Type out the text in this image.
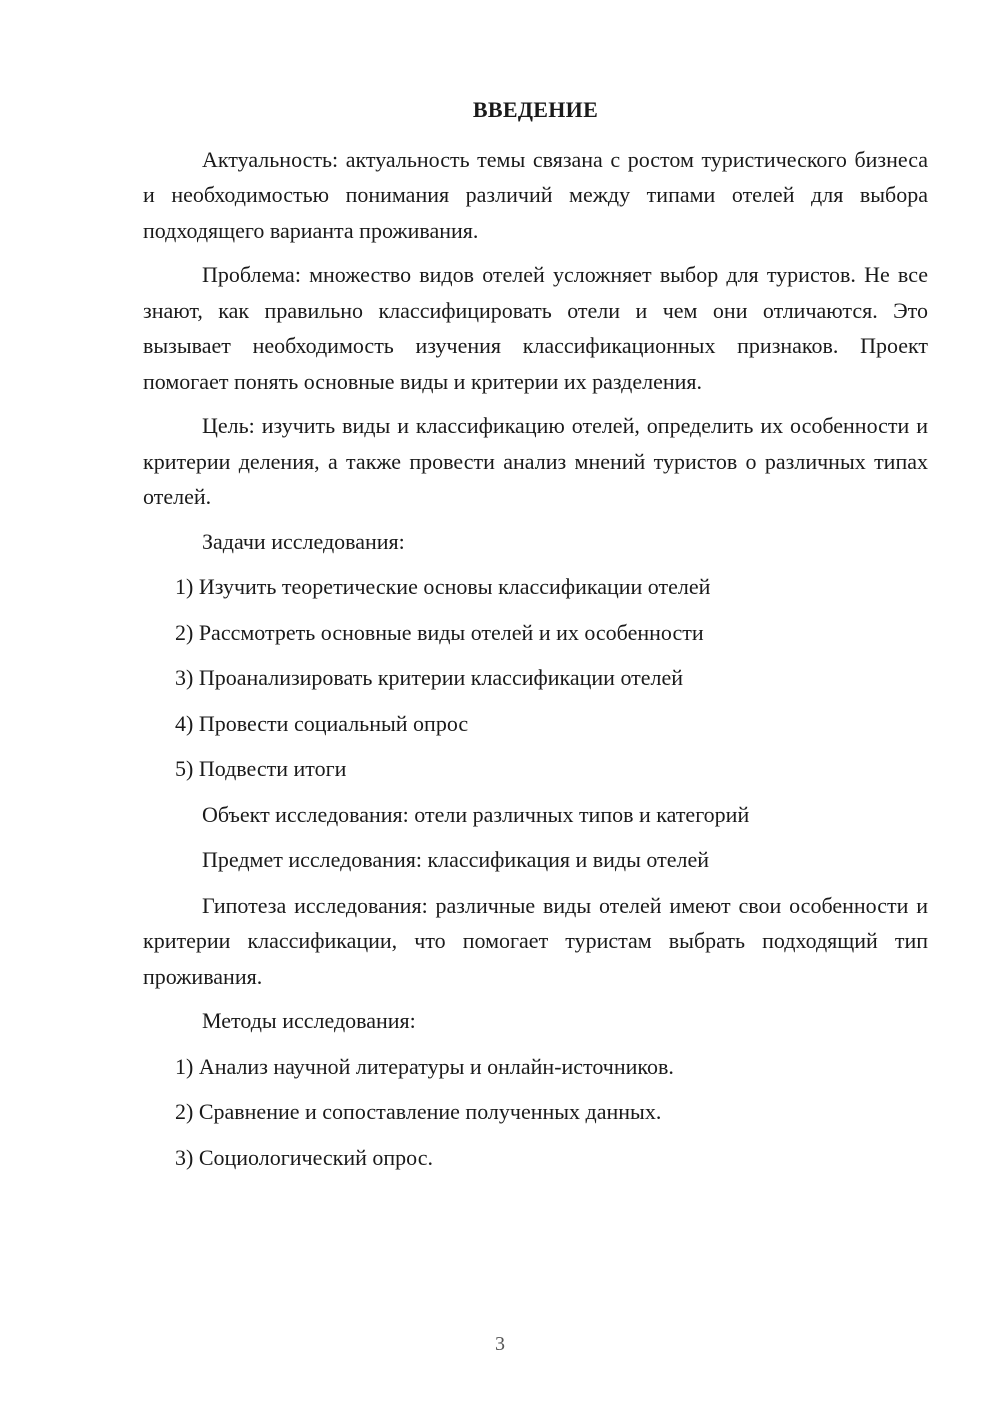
ВВЕДЕНИЕ
Актуальность: актуальность темы связана с ростом туристического бизнеса и необходимостью понимания различий между типами отелей для выбора подходящего варианта проживания.
Проблема: множество видов отелей усложняет выбор для туристов. Не все знают, как правильно классифицировать отели и чем они отличаются. Это вызывает необходимость изучения классификационных признаков. Проект помогает понять основные виды и критерии их разделения.
Цель: изучить виды и классификацию отелей, определить их особенности и критерии деления, а также провести анализ мнений туристов о различных типах отелей.
Задачи исследования:
1) Изучить теоретические основы классификации отелей
2) Рассмотреть основные виды отелей и их особенности
3) Проанализировать критерии классификации отелей
4) Провести социальный опрос
5) Подвести итоги
Объект исследования: отели различных типов и категорий
Предмет исследования: классификация и виды отелей
Гипотеза исследования: различные виды отелей имеют свои особенности и критерии классификации, что помогает туристам выбрать подходящий тип проживания.
Методы исследования:
1) Анализ научной литературы и онлайн-источников.
2) Сравнение и сопоставление полученных данных.
3) Социологический опрос.
3
